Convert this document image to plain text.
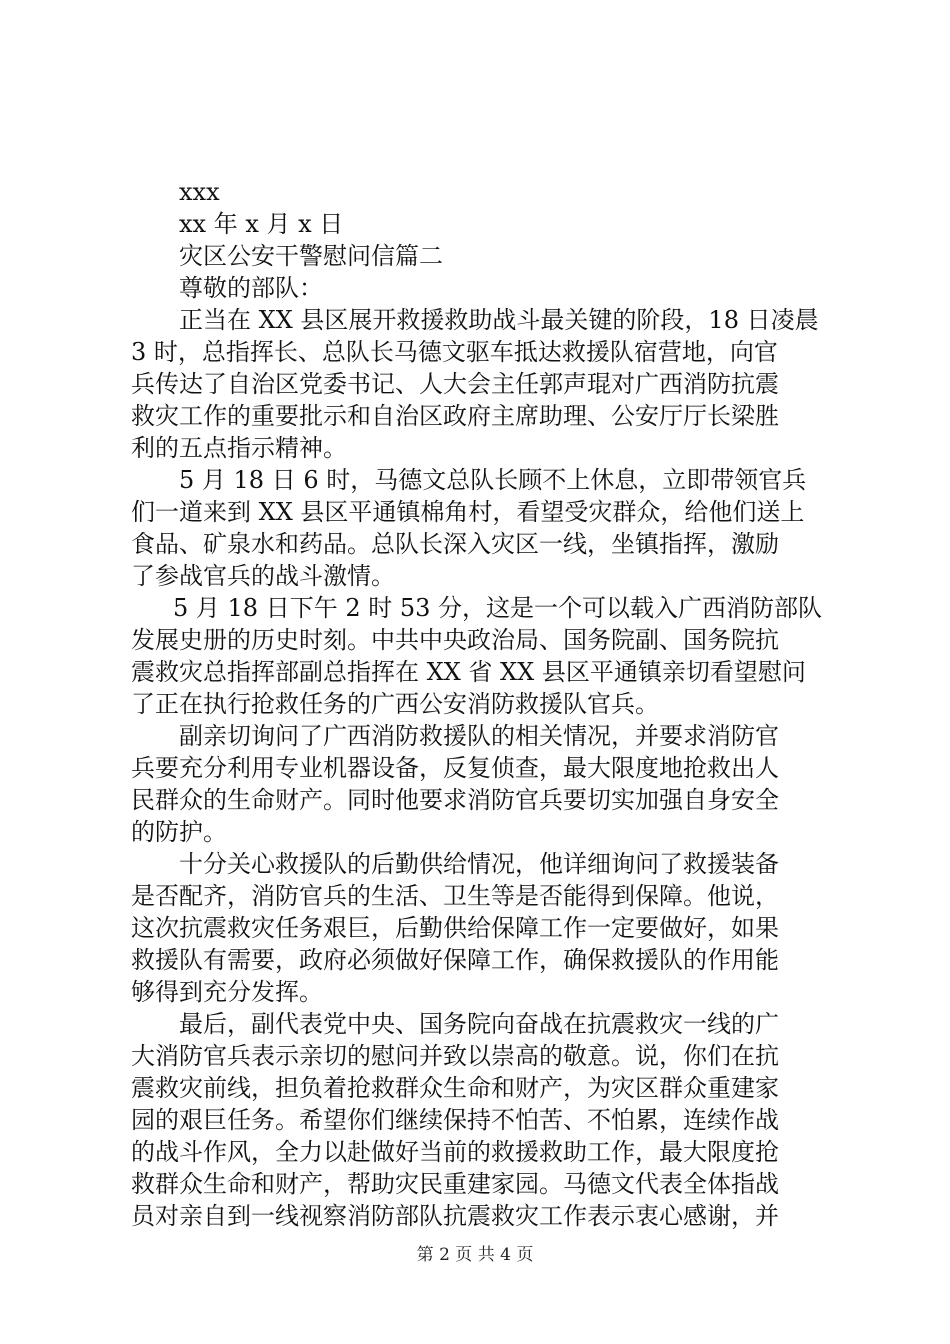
xxx
xx 年 x 月 x 日
灾区公安干警慰问信篇二
尊敬的部队：
正当在 XX 县区展开救援救助战斗最关键的阶段，18 日凌晨
3 时，总指挥长、总队长马德文驱车抵达救援队宿营地，向官
兵传达了自治区党委书记、人大会主任郭声琨对广西消防抗震
救灾工作的重要批示和自治区政府主席助理、公安厅厅长梁胜
利的五点指示精神。
5 月 18 日 6 时，马德文总队长顾不上休息，立即带领官兵
们一道来到 XX 县区平通镇棉角村，看望受灾群众，给他们送上
食品、矿泉水和药品。总队长深入灾区一线，坐镇指挥，激励
了参战官兵的战斗激情。
5 月 18 日下午 2 时 53 分，这是一个可以载入广西消防部队
发展史册的历史时刻。中共中央政治局、国务院副、国务院抗
震救灾总指挥部副总指挥在 XX 省 XX 县区平通镇亲切看望慰问
了正在执行抢救任务的广西公安消防救援队官兵。
副亲切询问了广西消防救援队的相关情况，并要求消防官
兵要充分利用专业机器设备，反复侦查，最大限度地抢救出人
民群众的生命财产。同时他要求消防官兵要切实加强自身安全
的防护。
十分关心救援队的后勤供给情况，他详细询问了救援装备
是否配齐，消防官兵的生活、卫生等是否能得到保障。他说，
这次抗震救灾任务艰巨，后勤供给保障工作一定要做好，如果
救援队有需要，政府必须做好保障工作，确保救援队的作用能
够得到充分发挥。
最后，副代表党中央、国务院向奋战在抗震救灾一线的广
大消防官兵表示亲切的慰问并致以崇高的敬意。说，你们在抗
震救灾前线，担负着抢救群众生命和财产，为灾区群众重建家
园的艰巨任务。希望你们继续保持不怕苦、不怕累，连续作战
的战斗作风，全力以赴做好当前的救援救助工作，最大限度抢
救群众生命和财产，帮助灾民重建家园。马德文代表全体指战
员对亲自到一线视察消防部队抗震救灾工作表示衷心感谢，并
第 2 页 共 4 页
